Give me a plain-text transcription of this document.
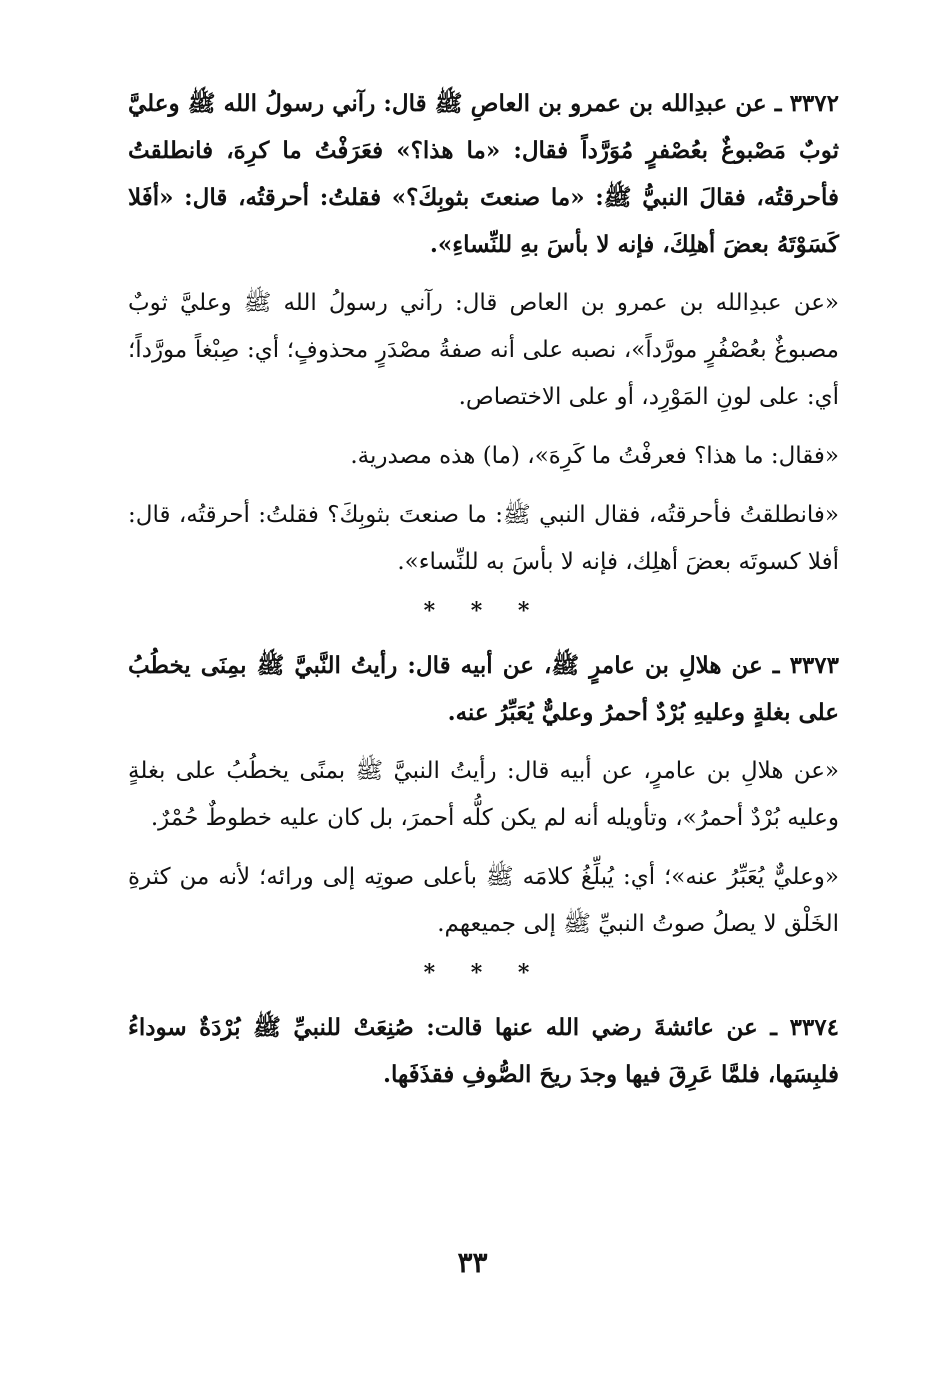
٣٣٧٢ ـ عن عبدِالله بن عمرو بن العاصِ ﷺ قال: رآني رسولُ الله ﷺ وعليَّ ثوبٌ مَصْبوغٌ بعُصْفرٍ مُوَرَّداً فقال: «ما هذا؟» فعَرَفْتُ ما كرِهَ، فانطلقتُ فأحرقتُه، فقالَ النبيُّ ﷺ: «ما صنعتَ بثوبِكَ؟» فقلتُ: أحرقتُه، قال: «أفَلا كَسَوْتَهُ بعضَ أهلِكَ، فإنه لا بأسَ بهِ للنِّساءِ».

«عن عبدِالله بن عمرو بن العاص قال: رآني رسولُ الله ﷺ وعليَّ ثوبٌ مصبوغٌ بعُصْفُرٍ مورَّداً»، نصبه على أنه صفةُ مصْدَرٍ محذوفٍ؛ أي: صِبْغاً مورَّداً؛ أي: على لونِ المَوْرِد، أو على الاختصاص.

«فقال: ما هذا؟ فعرفْتُ ما كَرِهَ»، (ما) هذه مصدرية.

«فانطلقتُ فأحرقتُه، فقال النبي ﷺ: ما صنعتَ بثوبِكَ؟ فقلتُ: أحرقتُه، قال: أفلا كسوتَه بعضَ أهلِك، فإنه لا بأسَ به للنِّساء».

* * *

٣٣٧٣ ـ عن هلالِ بن عامرٍ ﷺ، عن أبيه قال: رأيتُ النَّبيَّ ﷺ بمِنَى يخطُبُ على بغلةٍ وعليهِ بُرْدٌ أحمرُ وعليٌّ يُعَبِّرُ عنه.

«عن هلالِ بن عامرٍ، عن أبيه قال: رأيتُ النبيَّ ﷺ بمنًى يخطُبُ على بغلةٍ وعليه بُرْدٌ أحمرُ»، وتأويله أنه لم يكن كلُّه أحمرَ، بل كان عليه خطوطٌ حُمْرٌ.

«وعليٌّ يُعَبِّرُ عنه»؛ أي: يُبلِّغُ كلامَه ﷺ بأعلى صوتِه إلى ورائه؛ لأنه من كثرةِ الخَلْق لا يصلُ صوتُ النبيِّ ﷺ إلى جميعهم.

* * *

٣٣٧٤ ـ عن عائشةَ رضي الله عنها قالت: صُنِعَتْ للنبيِّ ﷺ بُرْدَةٌ سوداءُ فلبِسَها، فلمَّا عَرِقَ فيها وجدَ ريحَ الصُّوفِ فقذَفَها.

٣٣
